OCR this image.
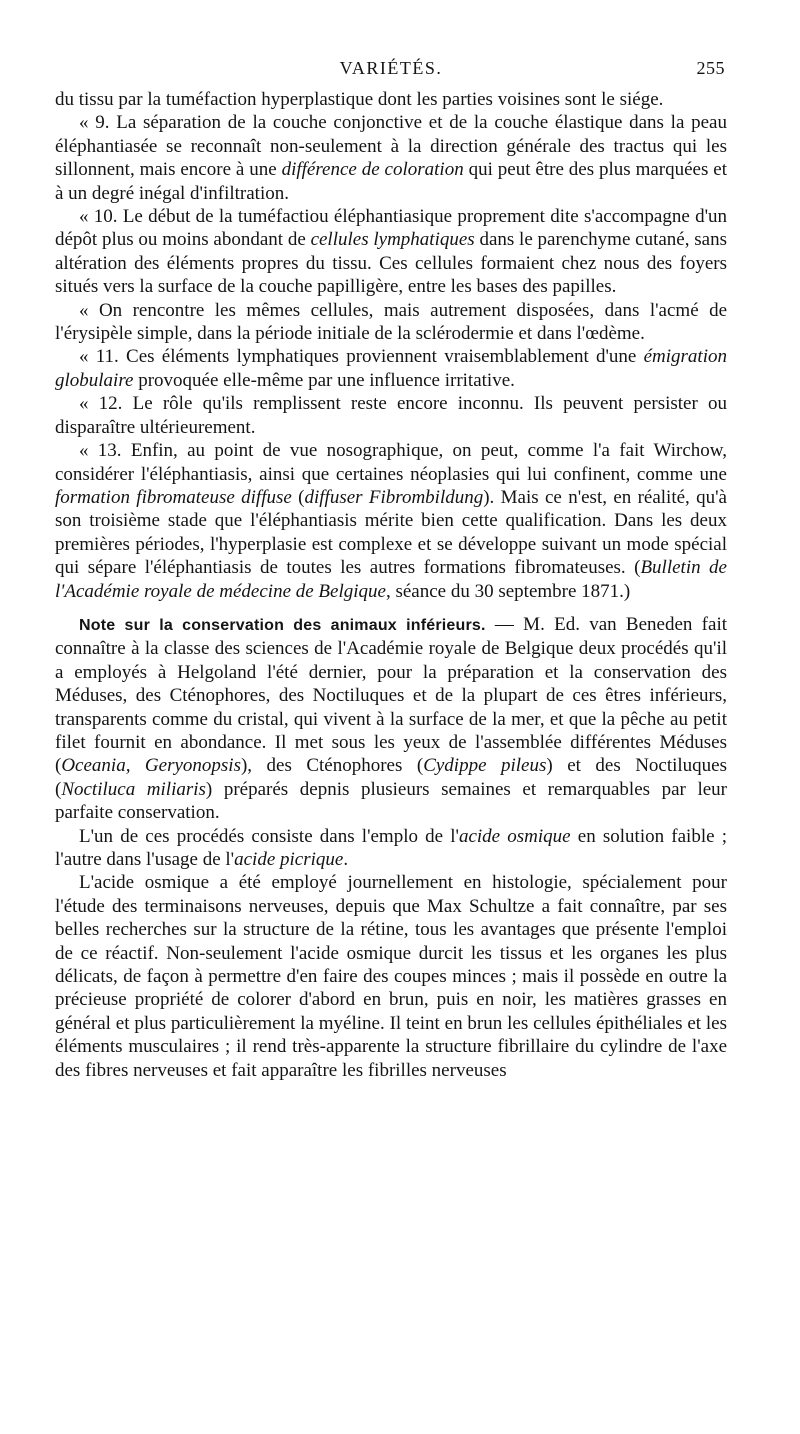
VARIÉTÉS.	255

du tissu par la tuméfaction hyperplastique dont les parties voisines sont le siége.

« 9. La séparation de la couche conjonctive et de la couche élastique dans la peau éléphantiasée se reconnaît non-seulement à la direction générale des tractus qui les sillonnent, mais encore à une différence de coloration qui peut être des plus marquées et à un degré inégal d'infiltration.

« 10. Le début de la tuméfactiou éléphantiasique proprement dite s'accompagne d'un dépôt plus ou moins abondant de cellules lymphatiques dans le parenchyme cutané, sans altération des éléments propres du tissu. Ces cellules formaient chez nous des foyers situés vers la surface de la couche papilligère, entre les bases des papilles.

« On rencontre les mêmes cellules, mais autrement disposées, dans l'acmé de l'érysipèle simple, dans la période initiale de la sclérodermie et dans l'œdème.

« 11. Ces éléments lymphatiques proviennent vraisemblablement d'une émigration globulaire provoquée elle-même par une influence irritative.

« 12. Le rôle qu'ils remplissent reste encore inconnu. Ils peuvent persister ou disparaître ultérieurement.

« 13. Enfin, au point de vue nosographique, on peut, comme l'a fait Wirchow, considérer l'éléphantiasis, ainsi que certaines néoplasies qui lui confinent, comme une formation fibromateuse diffuse (diffuser Fibrombildung). Mais ce n'est, en réalité, qu'à son troisième stade que l'éléphantiasis mérite bien cette qualification. Dans les deux premières périodes, l'hyperplasie est complexe et se développe suivant un mode spécial qui sépare l'éléphantiasis de toutes les autres formations fibromateuses. (Bulletin de l'Académie royale de médecine de Belgique, séance du 30 septembre 1871.)

Note sur la conservation des animaux inférieurs. — M. Ed. van Beneden fait connaître à la classe des sciences de l'Académie royale de Belgique deux procédés qu'il a employés à Helgoland l'été dernier, pour la préparation et la conservation des Méduses, des Cténophores, des Noctiluques et de la plupart de ces êtres inférieurs, transparents comme du cristal, qui vivent à la surface de la mer, et que la pêche au petit filet fournit en abondance. Il met sous les yeux de l'assemblée différentes Méduses (Oceania, Geryonopsis), des Cténophores (Cydippe pileus) et des Noctiluques (Noctiluca miliaris) préparés depnis plusieurs semaines et remarquables par leur parfaite conservation.

L'un de ces procédés consiste dans l'emplo de l'acide osmique en solution faible ; l'autre dans l'usage de l'acide picrique.

L'acide osmique a été employé journellement en histologie, spécialement pour l'étude des terminaisons nerveuses, depuis que Max Schultze a fait connaître, par ses belles recherches sur la structure de la rétine, tous les avantages que présente l'emploi de ce réactif. Non-seulement l'acide osmique durcit les tissus et les organes les plus délicats, de façon à permettre d'en faire des coupes minces ; mais il possède en outre la précieuse propriété de colorer d'abord en brun, puis en noir, les matières grasses en général et plus particulièrement la myéline. Il teint en brun les cellules épithéliales et les éléments musculaires ; il rend très-apparente la structure fibrillaire du cylindre de l'axe des fibres nerveuses et fait apparaître les fibrilles nerveuses
